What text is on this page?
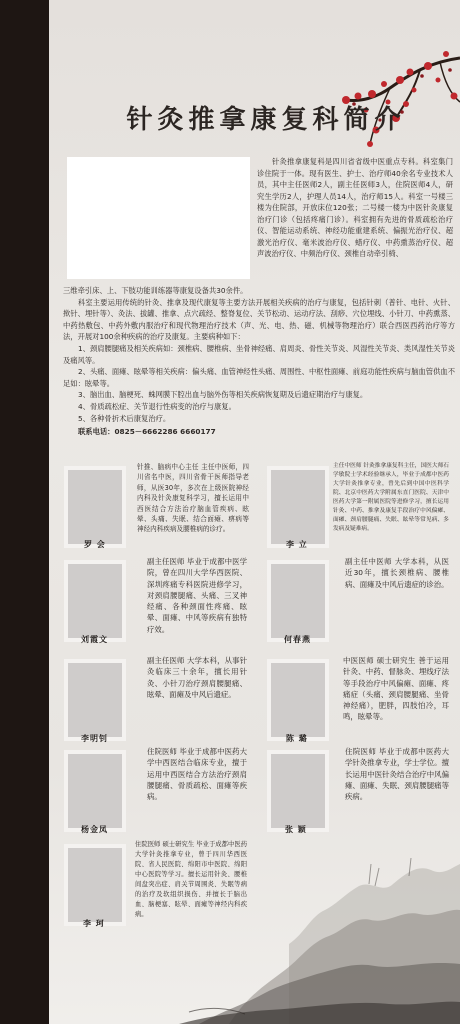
针灸推拿康复科简介

针灸推拿康复科是四川省省级中医重点专科。科室集门诊住院于一体。现有医生、护士、治疗师40余名专业技术人员，其中主任医师2人，副主任医师3人，住院医师4人，研究生学历2人，护理人员14人，治疗师15人。科室一号楼三楼为住院部，开放床位120张；二号楼一楼为中医针灸康复治疗门诊（包括疼痛门诊）。科室拥有先进的骨质疏松治疗仪、智能运动系统、神经功能重建系统、偏振光治疗仪、超激光治疗仪、毫米波治疗仪、蜡疗仪、中药熏蒸治疗仪、超声波治疗仪、中频治疗仪、颈椎自动牵引椅、

三维牵引床、上、下肢功能训练器等康复设备共30余件。

科室主要运用传统的针灸、推拿及现代康复等主要方法开展相关疾病的治疗与康复，包括针刺（普针、电针、火针、揿针、埋针等）、灸法、拔罐、推拿、点穴疏经、整脊复位、关节松动、运动疗法、刮痧、穴位埋线、小针刀、中药熏蒸、中药热敷包、中药外敷内服治疗和现代物理治疗技术（声、光、电、热、磁、机械等物理治疗）联合西医西药治疗等方法，开展对100余种疾病的治疗及康复。主要病种如下：

1、颈肩腰腿痛及相关疾病如：颈椎病、腰椎病、坐骨神经痛、肩周炎、骨性关节炎、风湿性关节炎、类风湿性关节炎及痛风等。

2、头痛、面瘫、眩晕等相关疾病：偏头痛、血管神经性头痛、周围性、中枢性面瘫、前庭功能性疾病与脑血管供血不足如：眩晕等。

3、脑出血、脑梗死、蛛网膜下腔出血与脑外伤等相关疾病恢复期及后遗症期治疗与康复。

4、骨质疏松症、关节退行性病变的治疗与康复。

5、各种骨折术后康复治疗。

联系电话：0825－6662286 6660177

罗 会
针推、脑病中心主任 主任中医师，四川省名中医，四川省骨干医师指导老师，从医30年，多次在上级医院神经内科及针灸康复科学习，擅长运用中西医结合方法治疗脑血管疾病、眩晕、头痛、失眠、结合面瘫、痹病等神经内科疾病及腰椎病的诊疗。
李 立
主任中医师 针灸推拿康复科主任，国医大师石学敏院士学术经验继承人，毕业于成都中医药大学针灸推拿专业，曾先后到中国中医科学院、北京中医药大学附属东直门医院、天津中医药大学第一附属医院等进修学习，擅长运用针灸、中药、推拿及康复手段治疗中风偏瘫、面瘫、颈肩腰腿痛、失眠、眩晕等常见病、多发病及疑难病。
刘霞文
副主任医师 毕业于成都中医学院，曾在四川大学华西医院、深圳疼痛专科医院进修学习，对颈肩腰腿痛、头痛、三叉神经痛、各种颈面性疼痛、眩晕、面瘫、中风等疾病有独特疗效。
何春燕
副主任中医师 大学本科，从医近30年，擅长颈椎病、腰椎病、面瘫及中风后遗症的诊治。
李明钊
副主任医师 大学本科，从事针灸临床三十余年，擅长用针灸、小针刀治疗颈肩腰腿痛、眩晕、面瘫及中风后遗症。
陈 璐
中医医师 硕士研究生 善于运用针灸、中药、督脉灸、埋线疗法等手段治疗中风偏瘫、面瘫、疼痛症（头痛、颈肩腰腿痛、坐骨神经痛），肥胖，四肢怕冷，耳鸣，眩晕等。
杨金凤
住院医师 毕业于成都中医药大学中西医结合临床专业，擅于运用中西医结合方法治疗颈肩腰腿痛、骨质疏松、面瘫等疾病。
张 颖
住院医师 毕业于成都中医药大学针灸推拿专业，学士学位。擅长运用中医针灸结合治疗中风偏瘫、面瘫、失眠、颈肩腰腿痛等疾病。
李 珂
住院医师 硕士研究生 毕业于成都中医药大学针灸推拿专业，曾于四川华西医院、省人民医院、绵阳市中医院、绵阳中心医院等学习。擅长运用针灸、腰椎间盘突出症、肩关节周围炎、失眠等病的治疗及软组织损伤、并擅长于脑出血、脑梗塞、眩晕、面瘫等神经内科疾病。
